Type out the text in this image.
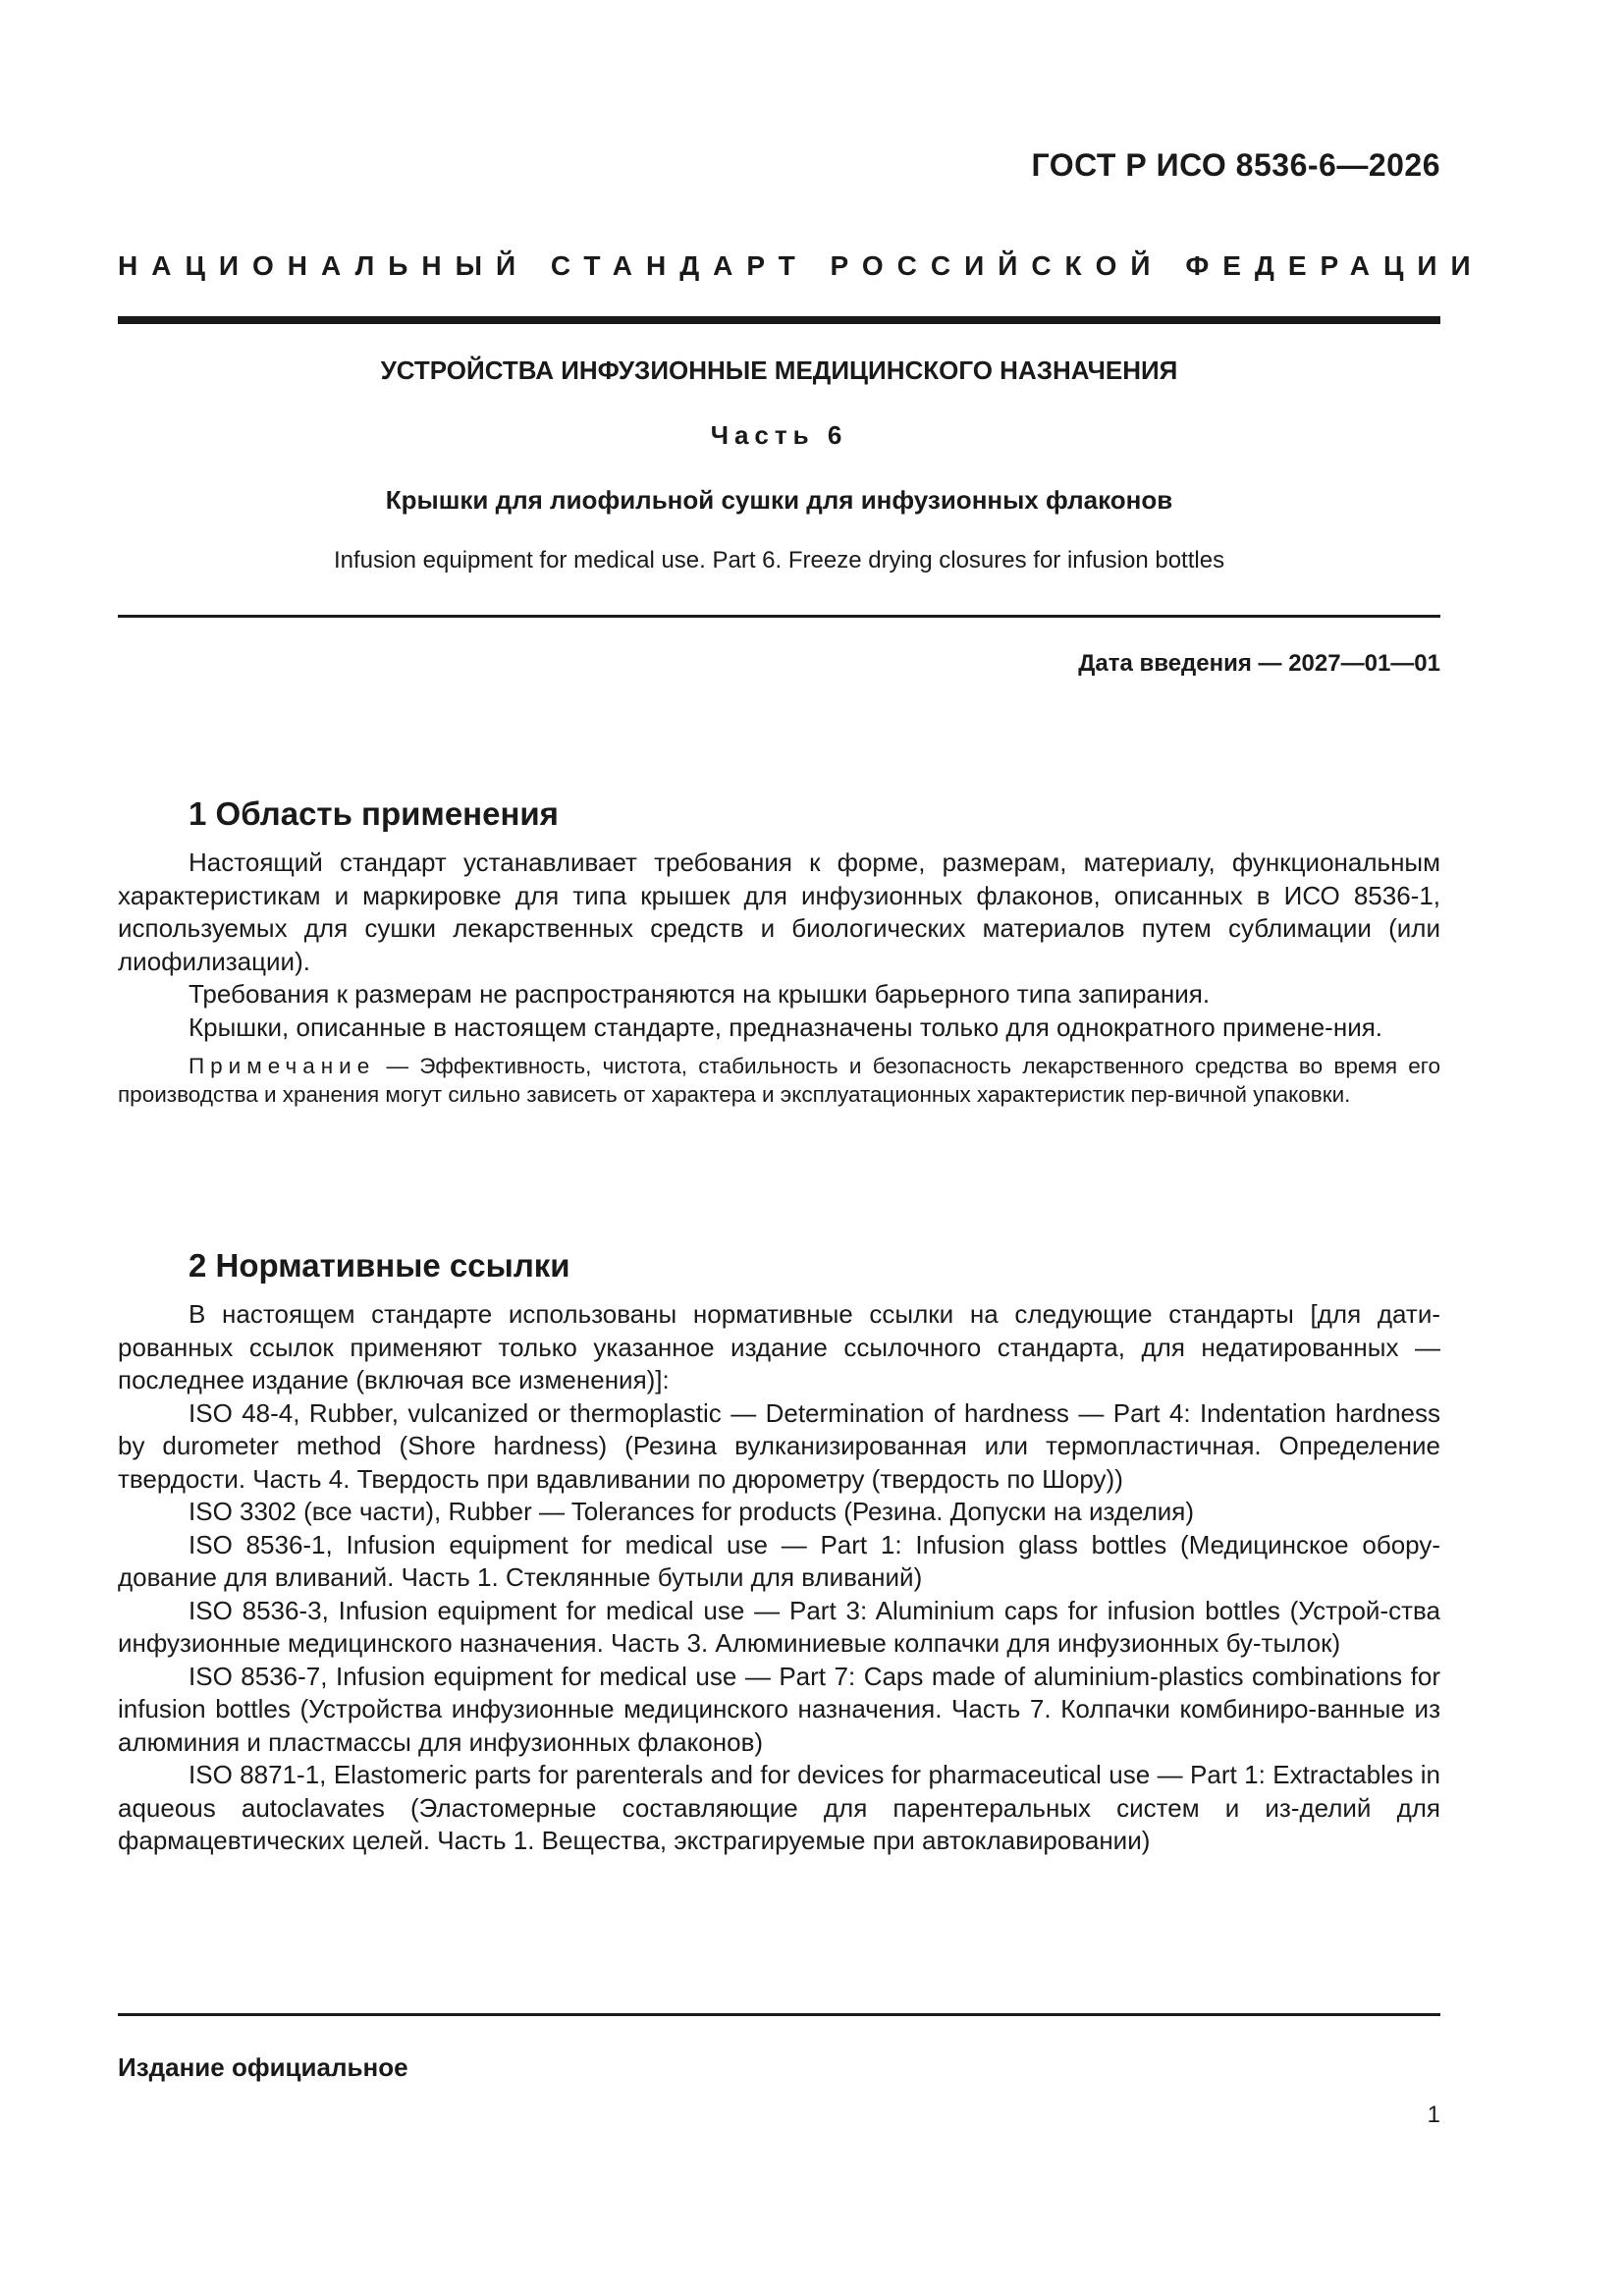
ГОСТ Р ИСО 8536-6—2026
НАЦИОНАЛЬНЫЙ СТАНДАРТ РОССИЙСКОЙ ФЕДЕРАЦИИ
УСТРОЙСТВА ИНФУЗИОННЫЕ МЕДИЦИНСКОГО НАЗНАЧЕНИЯ
Часть 6
Крышки для лиофильной сушки для инфузионных флаконов
Infusion equipment for medical use. Part 6. Freeze drying closures for infusion bottles
Дата введения — 2027—01—01
1 Область применения

Настоящий стандарт устанавливает требования к форме, размерам, материалу, функциональным характеристикам и маркировке для типа крышек для инфузионных флаконов, описанных в ИСО 8536-1, используемых для сушки лекарственных средств и биологических материалов путем сублимации (или лиофилизации).

Требования к размерам не распространяются на крышки барьерного типа запирания.

Крышки, описанные в настоящем стандарте, предназначены только для однократного примене-ния.

Примечание — Эффективность, чистота, стабильность и безопасность лекарственного средства во время его производства и хранения могут сильно зависеть от характера и эксплуатационных характеристик пер-вичной упаковки.

2 Нормативные ссылки

В настоящем стандарте использованы нормативные ссылки на следующие стандарты [для дати-рованных ссылок применяют только указанное издание ссылочного стандарта, для недатированных — последнее издание (включая все изменения)]:

ISO 48-4, Rubber, vulcanized or thermoplastic — Determination of hardness — Part 4: Indentation hardness by durometer method (Shore hardness) (Резина вулканизированная или термопластичная. Определение твердости. Часть 4. Твердость при вдавливании по дюрометру (твердость по Шору))

ISO 3302 (все части), Rubber — Tolerances for products (Резина. Допуски на изделия)

ISO 8536-1, Infusion equipment for medical use — Part 1: Infusion glass bottles (Медицинское обору-дование для вливаний. Часть 1. Стеклянные бутыли для вливаний)

ISO 8536-3, Infusion equipment for medical use — Part 3: Aluminium caps for infusion bottles (Устрой-ства инфузионные медицинского назначения. Часть 3. Алюминиевые колпачки для инфузионных бу-тылок)

ISO 8536-7, Infusion equipment for medical use — Part 7: Caps made of aluminium-plastics combinations for infusion bottles (Устройства инфузионные медицинского назначения. Часть 7. Колпачки комбиниро-ванные из алюминия и пластмассы для инфузионных флаконов)

ISO 8871-1, Elastomeric parts for parenterals and for devices for pharmaceutical use — Part 1: Extractables in aqueous autoclavates (Эластомерные составляющие для парентеральных систем и из-делий для фармацевтических целей. Часть 1. Вещества, экстрагируемые при автоклавировании)

Издание официальное
1
